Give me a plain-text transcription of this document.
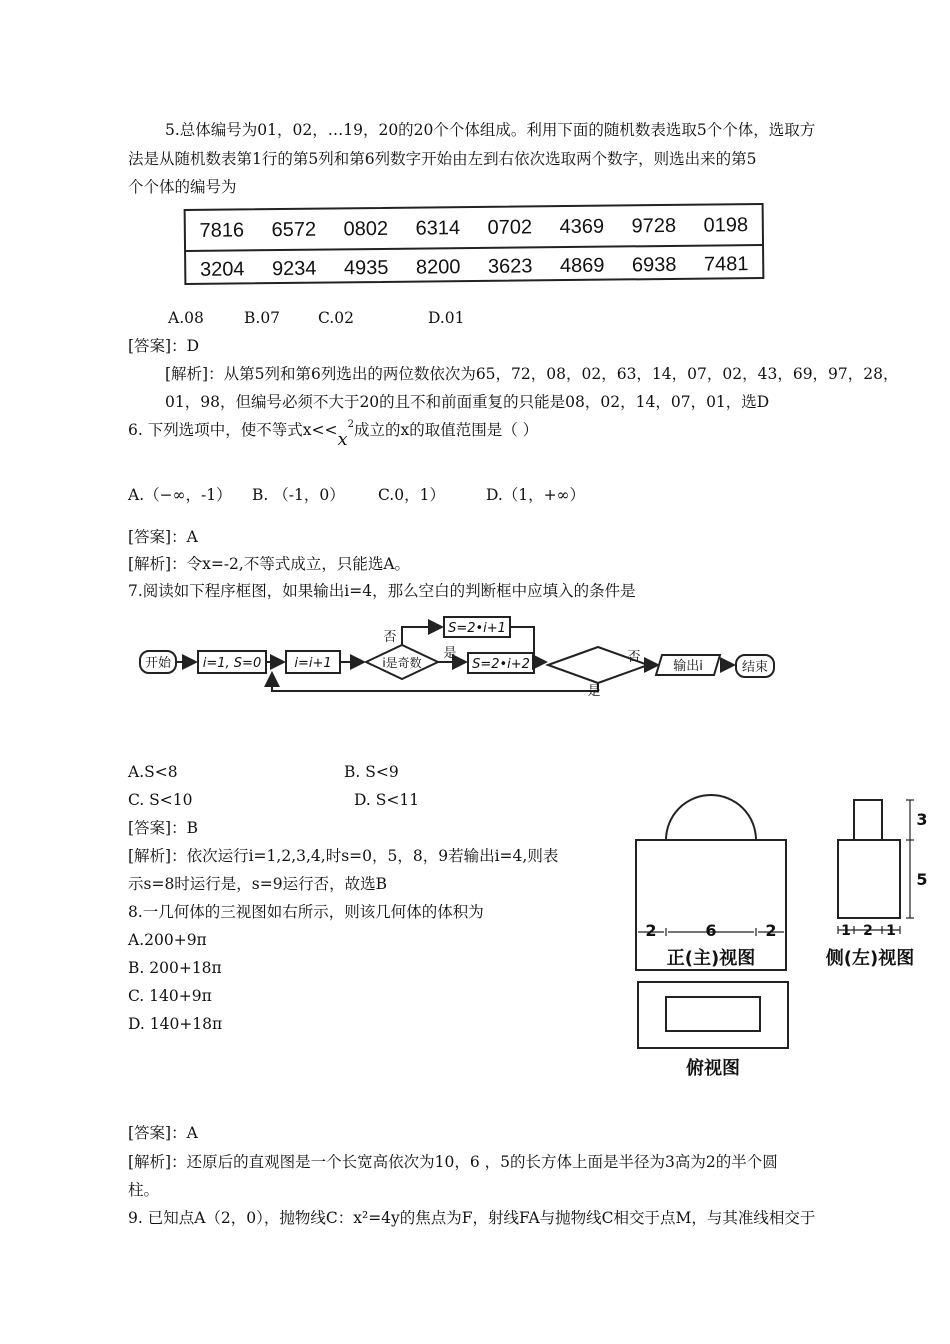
5.总体编号为01，02，…19，20的20个个体组成。利用下面的随机数表选取5个个体，选取方
法是从随机数表第1行的第5列和第6列数字开始由左到右依次选取两个数字，则选出来的第5
个个体的编号为
7816	6572	0802	6314	0702	4369	9728	0198
3204	9234	4935	8200	3623	4869	6938	7481
A.08	B.07 C.02	D.01
[答案]：D
[解析]：从第5列和第6列选出的两位数依次为65，72，08，02，63，14，07，02，43，69，97，28，
01，98，但编号必须不大于20的且不和前面重复的只能是08，02，14，07，01，选D
6. 下列选项中，使不等式$x<<x^2$成立的x的取值范围是（ ）
A.（−∞，-1） B. （-1，0） C.0，1）	D.（1，+∞）
[答案]：A
[解析]：令x=-2,不等式成立，只能选A。
7.阅读如下程序框图，如果输出i=4，那么空白的判断框中应填入的条件是
开始 i=1, S=0	i=i+1	i是奇数
S=2•i+1
S=2•i+2
否
是	否
是
输出i	结束
A.S<8	B. S<9
C. S<10	D. S<11
[答案]：B
[解析]：依次运行i=1,2,3,4,时s=0，5，8，9若输出i=4,则表
示s=8时运行是，s=9运行否，故选B
8.一几何体的三视图如右所示，则该几何体的体积为
A.200+9π
B. 200+18π
C. 140+9π
D. 140+18π
2	6	2	1 2 1
3
5
正(主)视图	侧(左)视图
俯视图
[答案]：A
[解析]：还原后的直观图是一个长宽高依次为10，6 ，5的长方体上面是半径为3高为2的半个圆
柱。
9. 已知点A（2，0），抛物线C：x²=4y的焦点为F，射线FA与抛物线C相交于点M，与其准线相交于
